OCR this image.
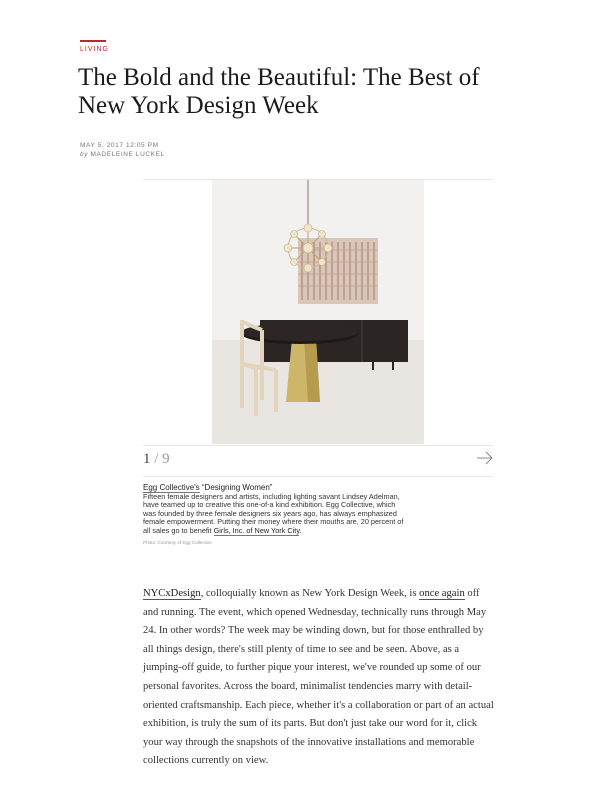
LIVING
The Bold and the Beautiful: The Best of New York Design Week
MAY 5, 2017 12:05 PM
by MADELEINE LUCKEL
1 / 9
Egg Collective's “Designing Women”
Fifteen female designers and artists, including lighting savant Lindsey Adelman, have teamed up to creative this one-of-a kind exhibition. Egg Collective, which was founded by three female designers six years ago, has always emphasized female empowerment. Putting their money where their mouths are, 20 percent of all sales go to benefit Girls, Inc. of New York City.
Photo: Courtesy of Egg Collective

NYCxDesign, colloquially known as New York Design Week, is once again off and running. The event, which opened Wednesday, technically runs through May 24. In other words? The week may be winding down, but for those enthralled by all things design, there's still plenty of time to see and be seen. Above, as a jumping-off guide, to further pique your interest, we've rounded up some of our personal favorites. Across the board, minimalist tendencies marry with detail-oriented craftsmanship. Each piece, whether it's a collaboration or part of an actual exhibition, is truly the sum of its parts. But don't just take our word for it, click your way through the snapshots of the innovative installations and memorable collections currently on view.
